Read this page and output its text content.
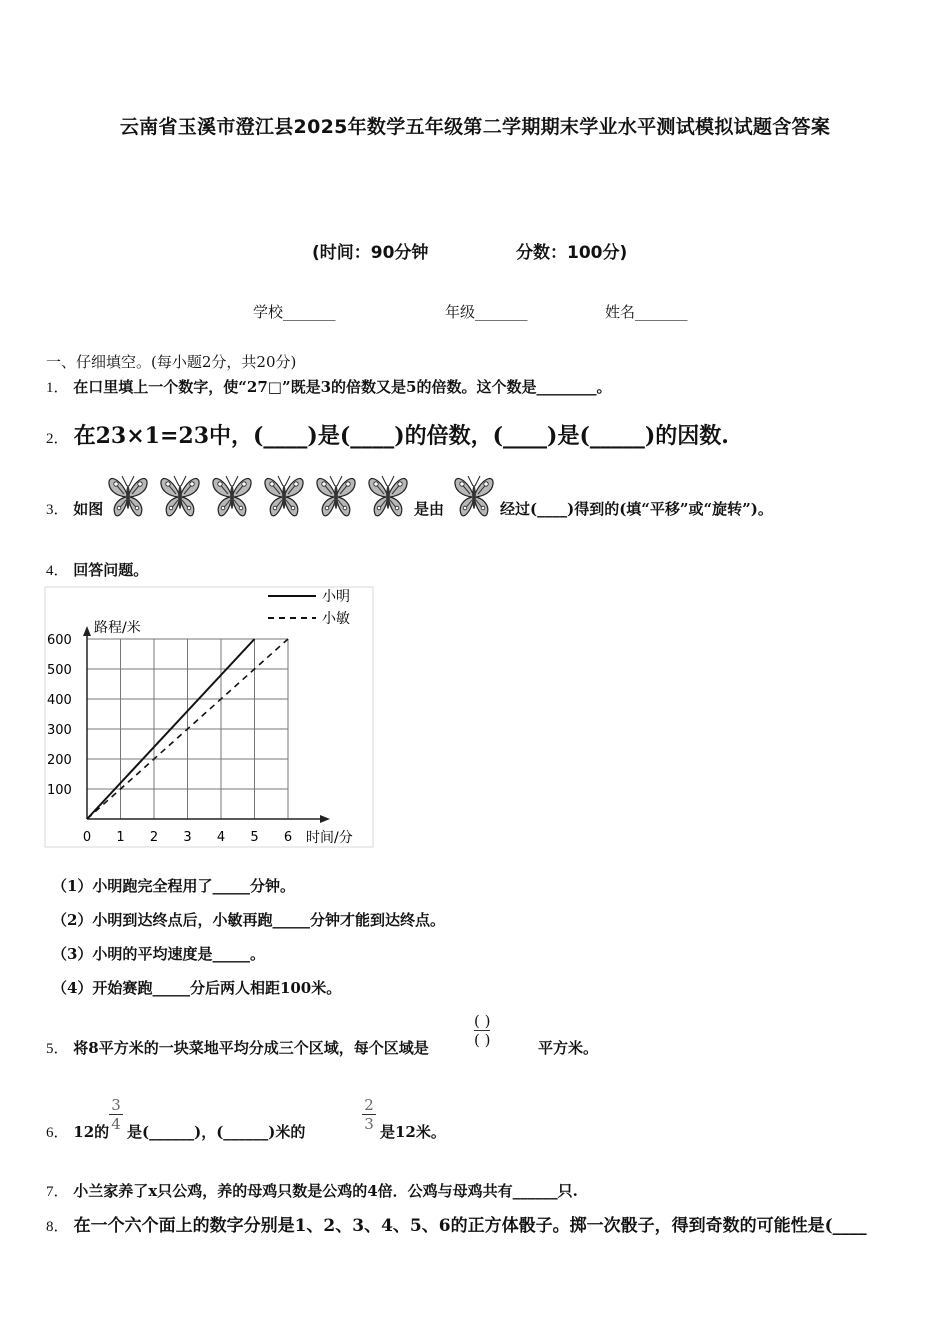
云南省玉溪市澄江县2025年数学五年级第二学期期末学业水平测试模拟试题含答案
(时间：90分钟	分数：100分)
学校_______	年级_______	姓名_______
一、仔细填空。(每小题2分，共20分)
1． 在口里填上一个数字，使“27□”既是3的倍数又是5的倍数。这个数是________。
2． 在23×1=23中，(____)是(____)的倍数，(____)是(_____)的因数.
3． 如图	是由	经过(____)得到的(填“平移”或“旋转”)。
4． 回答问题。
路程/米
时间/分
0 1 2 3 4 5 6
100
200
300
400
500
600
小明
小敏
（1）小明跑完全程用了_____分钟。
（2）小明到达终点后，小敏再跑_____分钟才能到达终点。
（3）小明的平均速度是_____。
（4）开始赛跑_____分后两人相距100米。
5． 将8平方米的一块菜地平均分成三个区域，每个区域是
( )
( )	平方米。
6． 12的 $\frac{3}{4}$ 是(______)，(______)米的	$\frac{2}{3}$ 是12米。
7． 小兰家养了x只公鸡，养的母鸡只数是公鸡的4倍．公鸡与母鸡共有______只.
8． 在一个六个面上的数字分别是1、2、3、4、5、6的正方体骰子。掷一次骰子，得到奇数的可能性是(____
